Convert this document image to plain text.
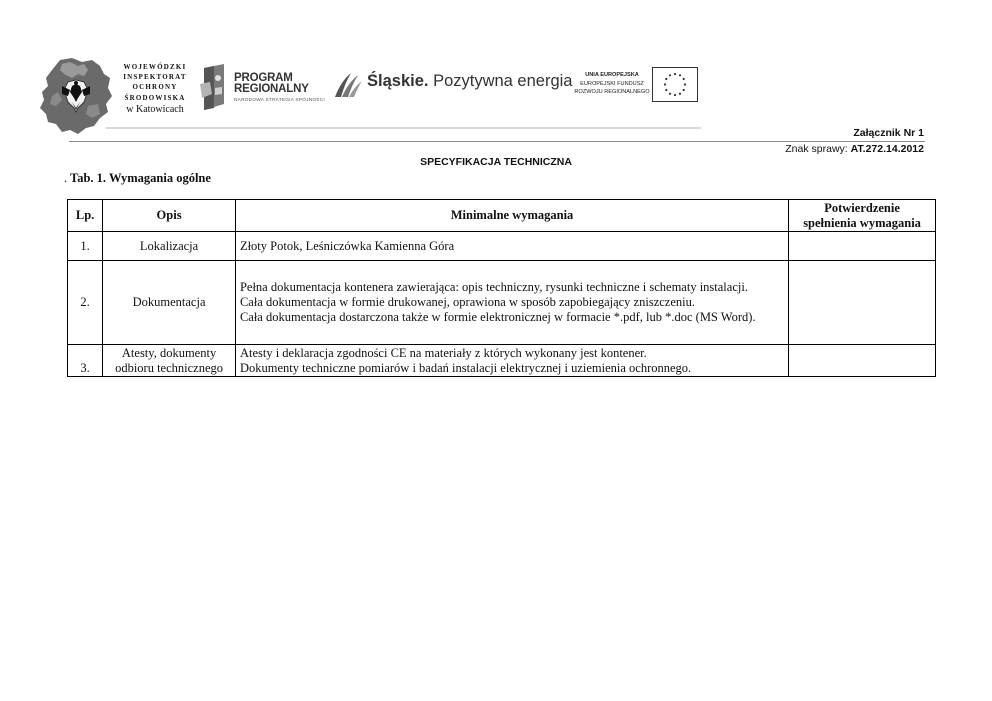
WOJEWÓDZKI
INSPEKTORAT
OCHRONY
ŚRODOWISKA
w Katowicach
PROGRAM
REGIONALNY
NARODOWA STRATEGIA SPÓJNOŚCI
Śląskie. Pozytywna energia	UNIA EUROPEJSKA
EUROPEJSKI FUNDUSZ
ROZWOJU REGIONALNEGO
Załącznik Nr 1
Znak sprawy: AT.272.14.2012
SPECYFIKACJA TECHNICZNA
. Tab. 1. Wymagania ogólne
Lp.	Opis	Minimalne wymagania	Potwierdzenie
spełnienia wymagania

1.	Lokalizacja	Złoty Potok, Leśniczówka Kamienna Góra	

2.	Dokumentacja	Pełna dokumentacja kontenera zawierająca: opis techniczny, rysunki techniczne i schematy instalacji.
Cała dokumentacja w formie drukowanej, oprawiona w sposób zapobiegający zniszczeniu.
Cała dokumentacja dostarczona także w formie elektronicznej w formacie *.pdf, lub *.doc (MS Word).	

3.	Atesty, dokumenty
odbioru technicznego	Atesty i deklaracja zgodności CE na materiały z których wykonany jest kontener.
Dokumenty techniczne pomiarów i badań instalacji elektrycznej i uziemienia ochronnego.	
